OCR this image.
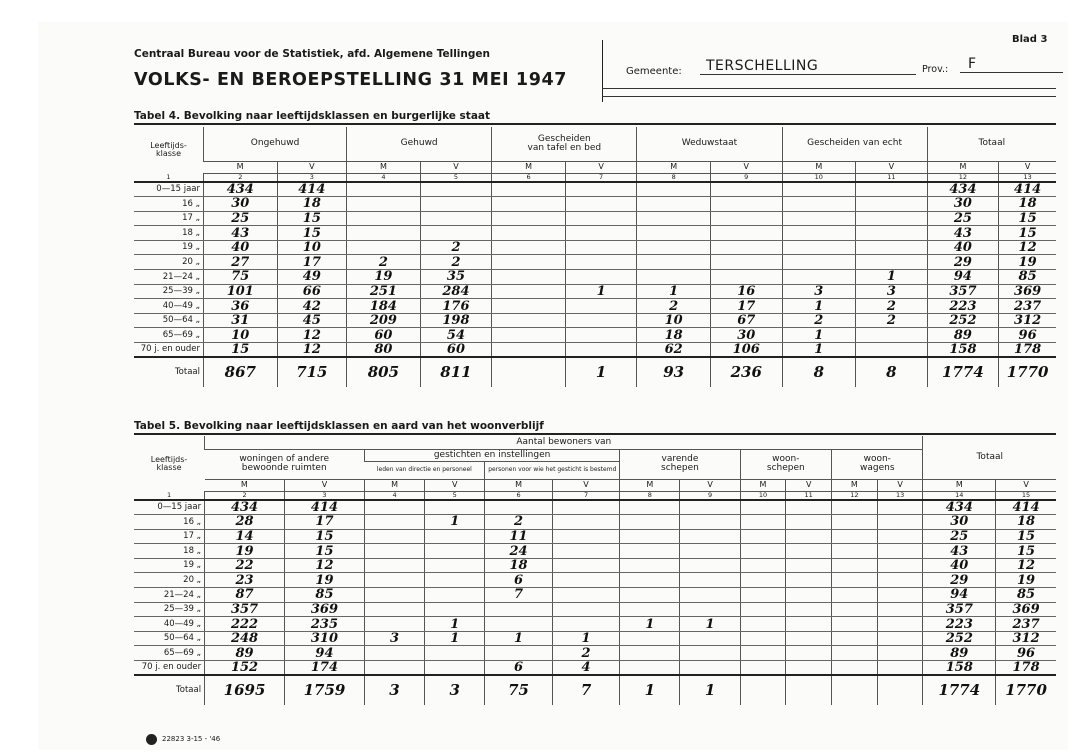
Blad 3
Centraal Bureau voor de Statistiek, afd. Algemene Tellingen
VOLKS- EN BEROEPSTELLING 31 MEI 1947	Gemeente:	TERSCHELLING	Prov.:	F
Tabel 4. Bevolking naar leeftijdsklassen en burgerlijke staat
Leeftijds-
klasse	Ongehuwd		Gehuwd		Gescheiden
van tafel en bed		Weduwstaat		Gescheiden van echt		Totaal	
	M	V	M	V	M	V	M	V	M	V	M	V
1	2	3	4	5	6	7	8	9	10	11	12	13
0—15 jaar	434	414									434	414
16 „	30	18									30	18
17 „	25	15									25	15
18 „	43	15									43	15
19 „	40	10		2							40	12
20 „	27	17	2	2							29	19
21—24 „	75	49	19	35						1	94	85
25—39 „	101	66	251	284		1	1	16	3	3	357	369
40—49 „	36	42	184	176			2	17	1	2	223	237
50—64 „	31	45	209	198			10	67	2	2	252	312
65—69 „	10	12	60	54			18	30	1		89	96
70 j. en ouder	15	12	80	60			62	106	1		158	178
Totaal	867	715	805	811		1	93	236	8	8	1774	1770
Tabel 5. Bevolking naar leeftijdsklassen en aard van het woonverblijf
Leeftijds-
klasse	Aantal bewoners van												Totaal	
	woningen of andere
bewoonde ruimten		gestichten en instellingen				varende
schepen		woon-
schepen		woon-
wagens			
			leden van directie en personeel		personen voor wie het gesticht is bestemd									
	M	V	M	V	M	V	M	V	M	V	M	V	M	V
1	2	3	4	5	6	7	8	9	10	11	12	13	14	15
0—15 jaar	434	414											434	414
16 „	28	17		1	2								30	18
17 „	14	15			11								25	15
18 „	19	15			24								43	15
19 „	22	12			18								40	12
20 „	23	19			6								29	19
21—24 „	87	85			7								94	85
25—39 „	357	369											357	369
40—49 „	222	235		1			1	1					223	237
50—64 „	248	310	3	1	1	1							252	312
65—69 „	89	94				2							89	96
70 j. en ouder	152	174			6	4							158	178
Totaal	1695	1759	3	3	75	7	1	1					1774	1770
22823 3-15 - '46
